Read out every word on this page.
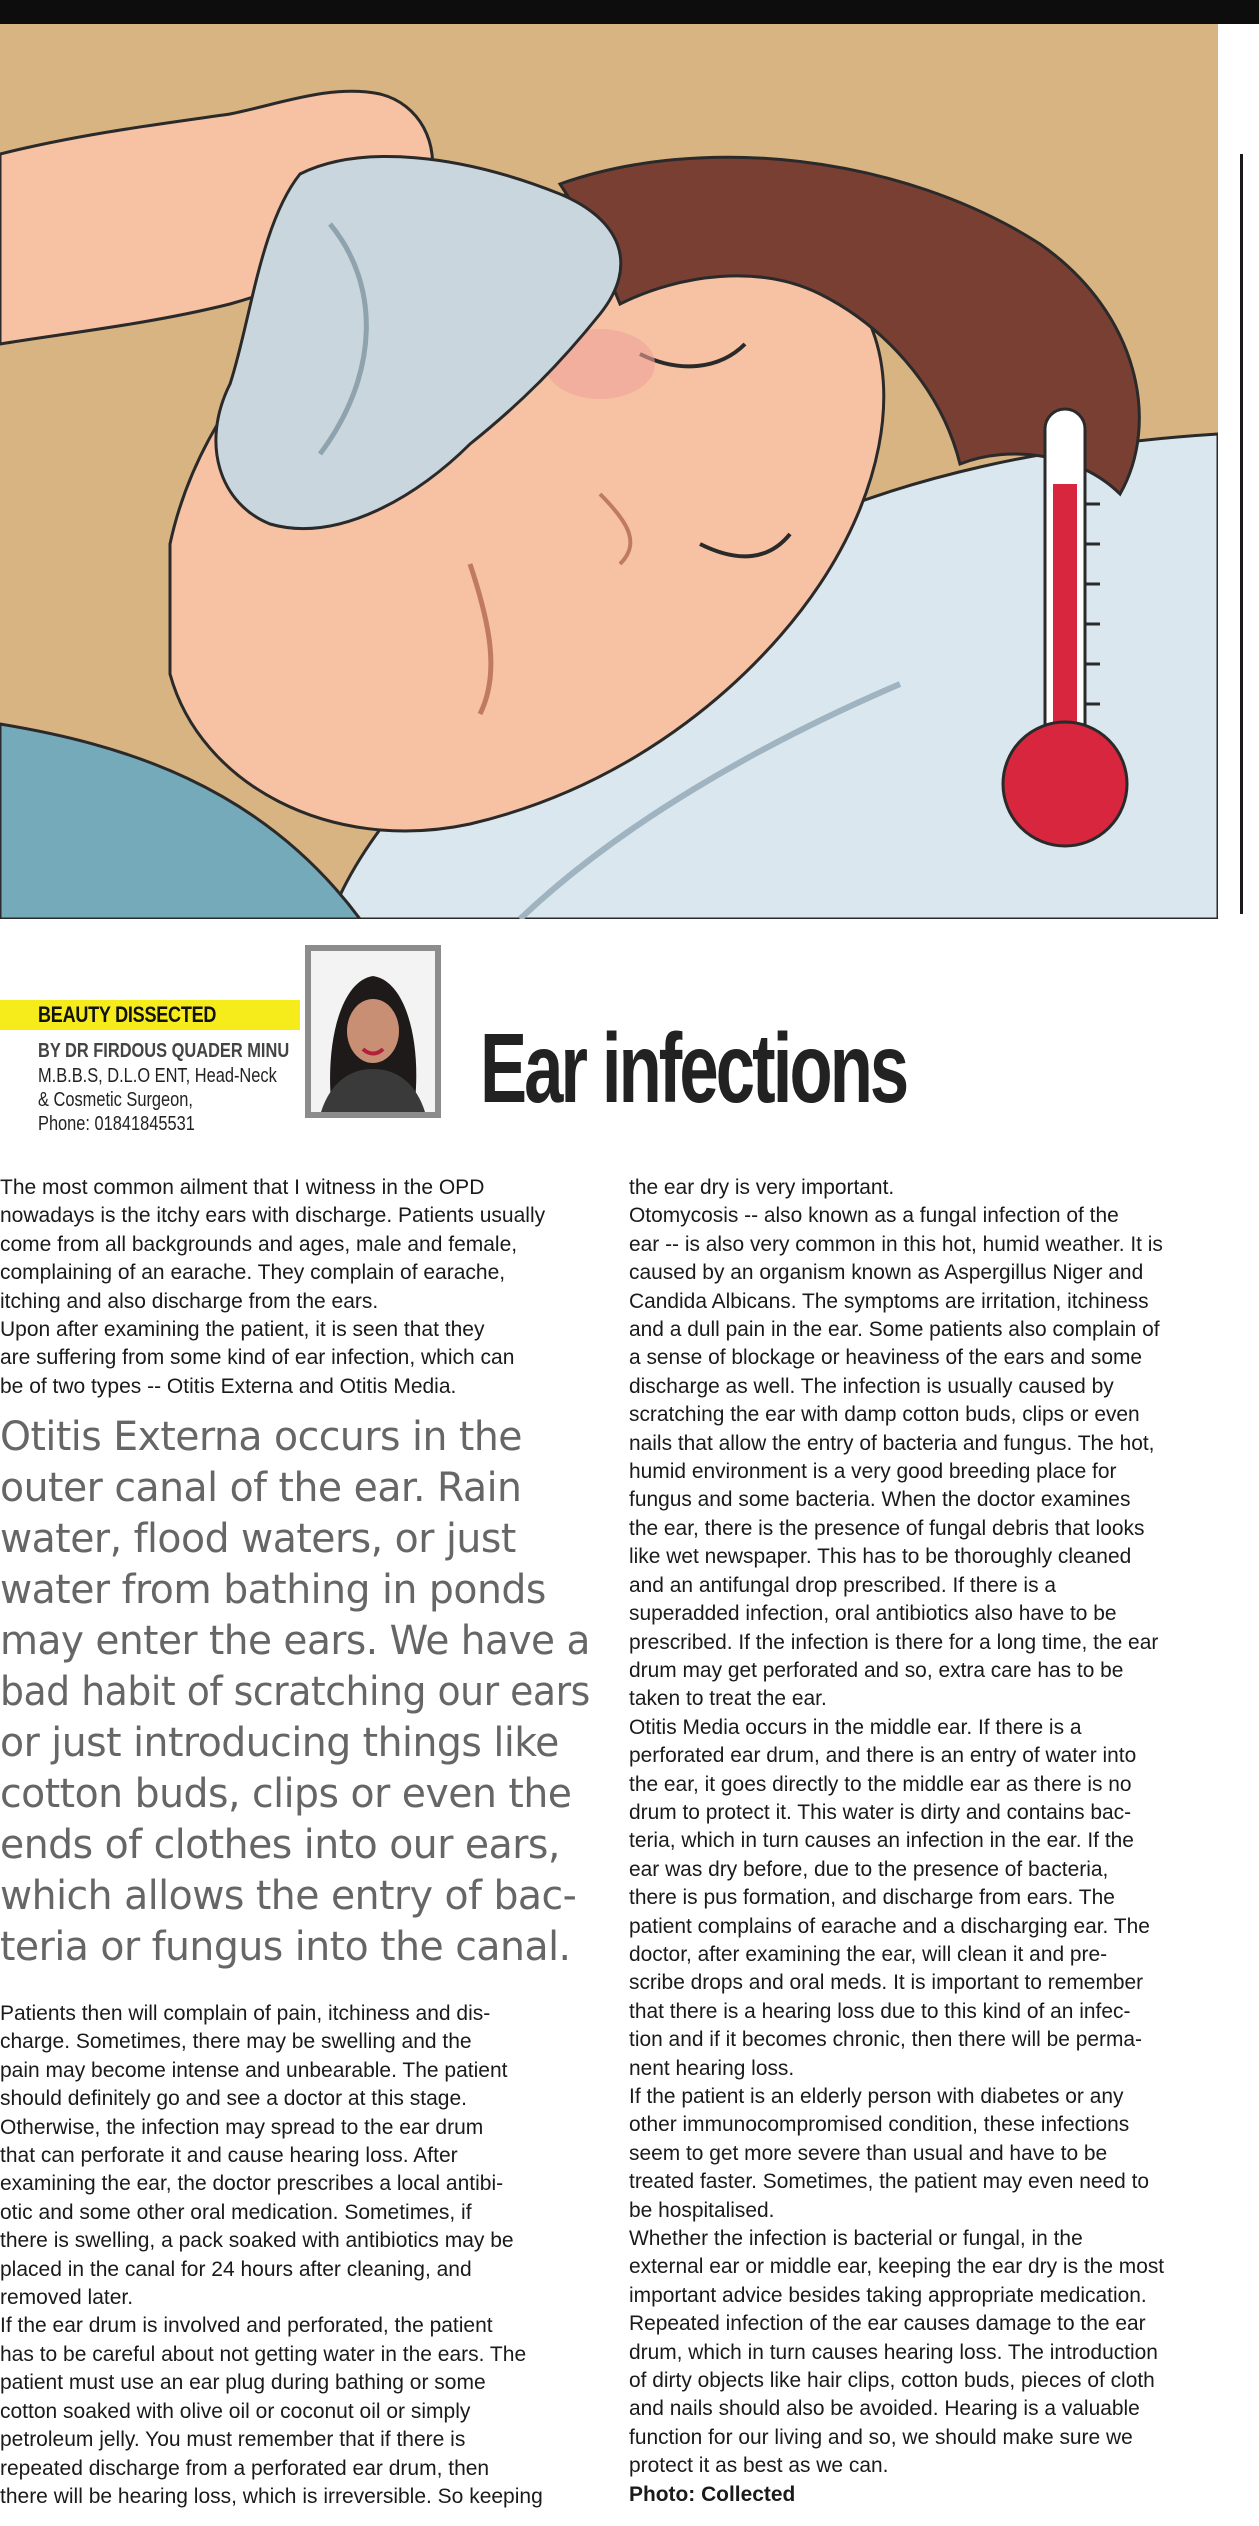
BEAUTY DISSECTED
BY DR FIRDOUS QUADER MINU
M.B.B.S, D.L.O ENT, Head-Neck
& Cosmetic Surgeon,
Phone: 01841845531
Ear infections
The most common ailment that I witness in the OPD
nowadays is the itchy ears with discharge. Patients usually
come from all backgrounds and ages, male and female,
complaining of an earache. They complain of earache,
itching and also discharge from the ears.
Upon after examining the patient, it is seen that they
are suffering from some kind of ear infection, which can
be of two types -- Otitis Externa and Otitis Media.
Otitis Externa occurs in the
outer canal of the ear. Rain
water, flood waters, or just
water from bathing in ponds
may enter the ears. We have a
bad habit of scratching our ears
or just introducing things like
cotton buds, clips or even the
ends of clothes into our ears,
which allows the entry of bac-
teria or fungus into the canal.
Patients then will complain of pain, itchiness and dis-
charge. Sometimes, there may be swelling and the
pain may become intense and unbearable. The patient
should definitely go and see a doctor at this stage.
Otherwise, the infection may spread to the ear drum
that can perforate it and cause hearing loss. After
examining the ear, the doctor prescribes a local antibi-
otic and some other oral medication. Sometimes, if
there is swelling, a pack soaked with antibiotics may be
placed in the canal for 24 hours after cleaning, and
removed later.
If the ear drum is involved and perforated, the patient
has to be careful about not getting water in the ears. The
patient must use an ear plug during bathing or some
cotton soaked with olive oil or coconut oil or simply
petroleum jelly. You must remember that if there is
repeated discharge from a perforated ear drum, then
there will be hearing loss, which is irreversible. So keeping
the ear dry is very important.
Otomycosis -- also known as a fungal infection of the
ear -- is also very common in this hot, humid weather. It is
caused by an organism known as Aspergillus Niger and
Candida Albicans. The symptoms are irritation, itchiness
and a dull pain in the ear. Some patients also complain of
a sense of blockage or heaviness of the ears and some
discharge as well. The infection is usually caused by
scratching the ear with damp cotton buds, clips or even
nails that allow the entry of bacteria and fungus. The hot,
humid environment is a very good breeding place for
fungus and some bacteria. When the doctor examines
the ear, there is the presence of fungal debris that looks
like wet newspaper. This has to be thoroughly cleaned
and an antifungal drop prescribed. If there is a
superadded infection, oral antibiotics also have to be
prescribed. If the infection is there for a long time, the ear
drum may get perforated and so, extra care has to be
taken to treat the ear.
Otitis Media occurs in the middle ear. If there is a
perforated ear drum, and there is an entry of water into
the ear, it goes directly to the middle ear as there is no
drum to protect it. This water is dirty and contains bac-
teria, which in turn causes an infection in the ear. If the
ear was dry before, due to the presence of bacteria,
there is pus formation, and discharge from ears. The
patient complains of earache and a discharging ear. The
doctor, after examining the ear, will clean it and pre-
scribe drops and oral meds. It is important to remember
that there is a hearing loss due to this kind of an infec-
tion and if it becomes chronic, then there will be perma-
nent hearing loss.
If the patient is an elderly person with diabetes or any
other immunocompromised condition, these infections
seem to get more severe than usual and have to be
treated faster. Sometimes, the patient may even need to
be hospitalised.
Whether the infection is bacterial or fungal, in the
external ear or middle ear, keeping the ear dry is the most
important advice besides taking appropriate medication.
Repeated infection of the ear causes damage to the ear
drum, which in turn causes hearing loss. The introduction
of dirty objects like hair clips, cotton buds, pieces of cloth
and nails should also be avoided. Hearing is a valuable
function for our living and so, we should make sure we
protect it as best as we can.
Photo: Collected
